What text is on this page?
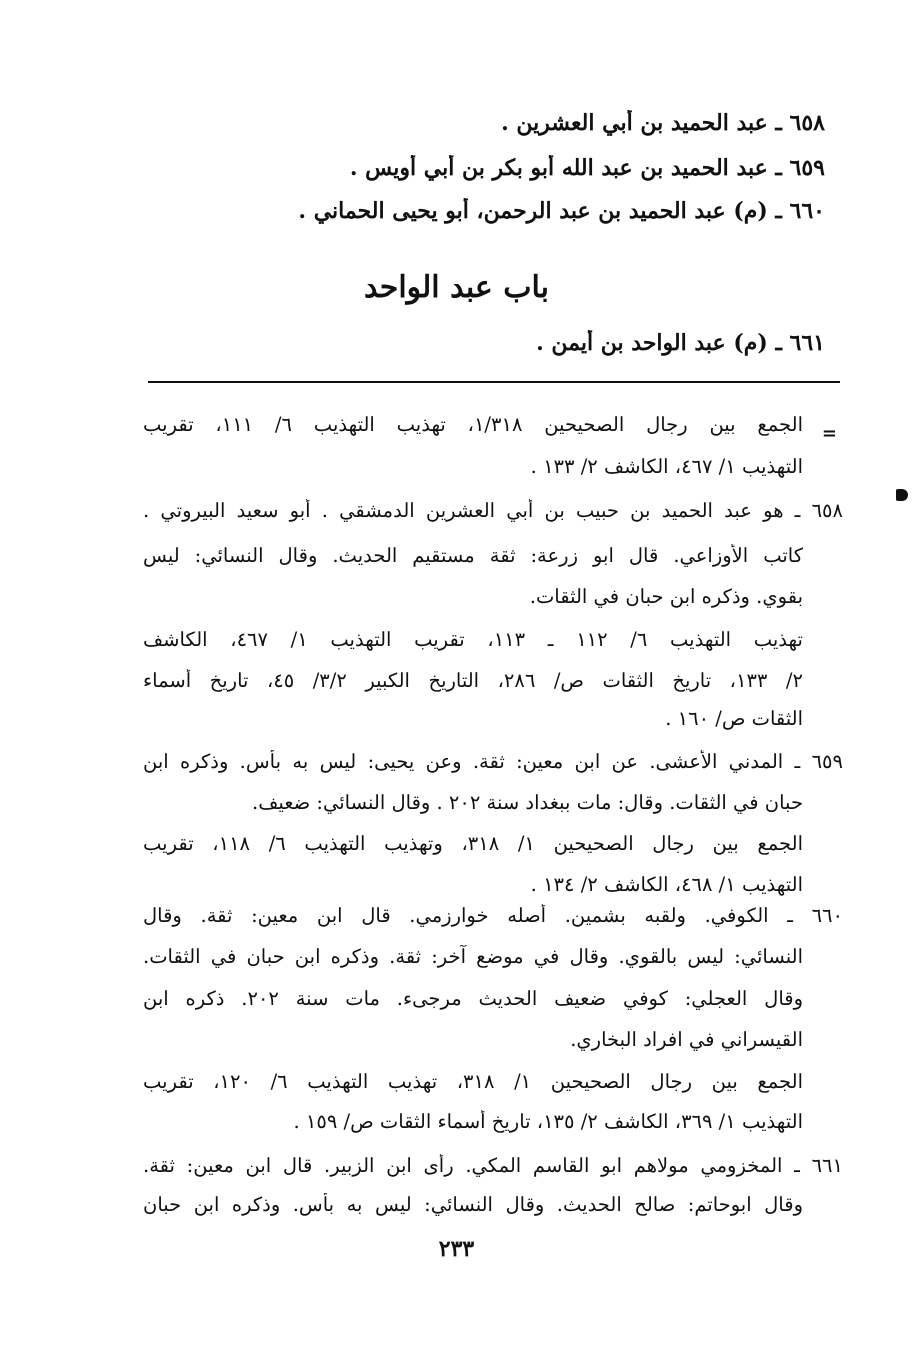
٦٥٨ ـ عبد الحميد بن أبي العشرين .
٦٥٩ ـ عبد الحميد بن عبد الله أبو بكر بن أبي أويس .
٦٦٠ ـ (م) عبد الحميد بن عبد الرحمن، أبو يحيى الحماني .
باب عبد الواحد
٦٦١ ـ (م) عبد الواحد بن أيمن .
=
الجمع بين رجال الصحيحين ١/٣١٨، تهذيب التهذيب ٦/ ١١١، تقريب
التهذيب ١/ ٤٦٧، الكاشف ٢/ ١٣٣ .
٦٥٨ ـ هو عبد الحميد بن حبيب بن أبي العشرين الدمشقي . أبو سعيد البيروتي .
كاتب الأوزاعي. قال ابو زرعة: ثقة مستقيم الحديث. وقال النسائي: ليس
بقوي. وذكره ابن حبان في الثقات.
تهذيب التهذيب ٦/ ١١٢ ـ ١١٣، تقريب التهذيب ١/ ٤٦٧، الكاشف
٢/ ١٣٣، تاريخ الثقات ص/ ٢٨٦، التاريخ الكبير ٣/٢/ ٤٥، تاريخ أسماء
الثقات ص/ ١٦٠ .
٦٥٩ ـ المدني الأعشى. عن ابن معين: ثقة. وعن يحيى: ليس به بأس. وذكره ابن
حبان في الثقات. وقال: مات ببغداد سنة ٢٠٢ . وقال النسائي: ضعيف.
الجمع بين رجال الصحيحين ١/ ٣١٨، وتهذيب التهذيب ٦/ ١١٨، تقريب
التهذيب ١/ ٤٦٨، الكاشف ٢/ ١٣٤ .
٦٦٠ ـ الكوفي. ولقبه بشمين. أصله خوارزمي. قال ابن معين: ثقة. وقال
النسائي: ليس بالقوي. وقال في موضع آخر: ثقة. وذكره ابن حبان في الثقات.
وقال العجلي: كوفي ضعيف الحديث مرجىء. مات سنة ٢٠٢. ذكره ابن
القيسراني في افراد البخاري.
الجمع بين رجال الصحيحين ١/ ٣١٨، تهذيب التهذيب ٦/ ١٢٠، تقريب
التهذيب ١/ ٣٦٩، الكاشف ٢/ ١٣٥، تاريخ أسماء الثقات ص/ ١٥٩ .
٦٦١ ـ المخزومي مولاهم ابو القاسم المكي. رأى ابن الزبير. قال ابن معين: ثقة.
وقال ابوحاتم: صالح الحديث. وقال النسائي: ليس به بأس. وذكره ابن حبان
٢٣٣
